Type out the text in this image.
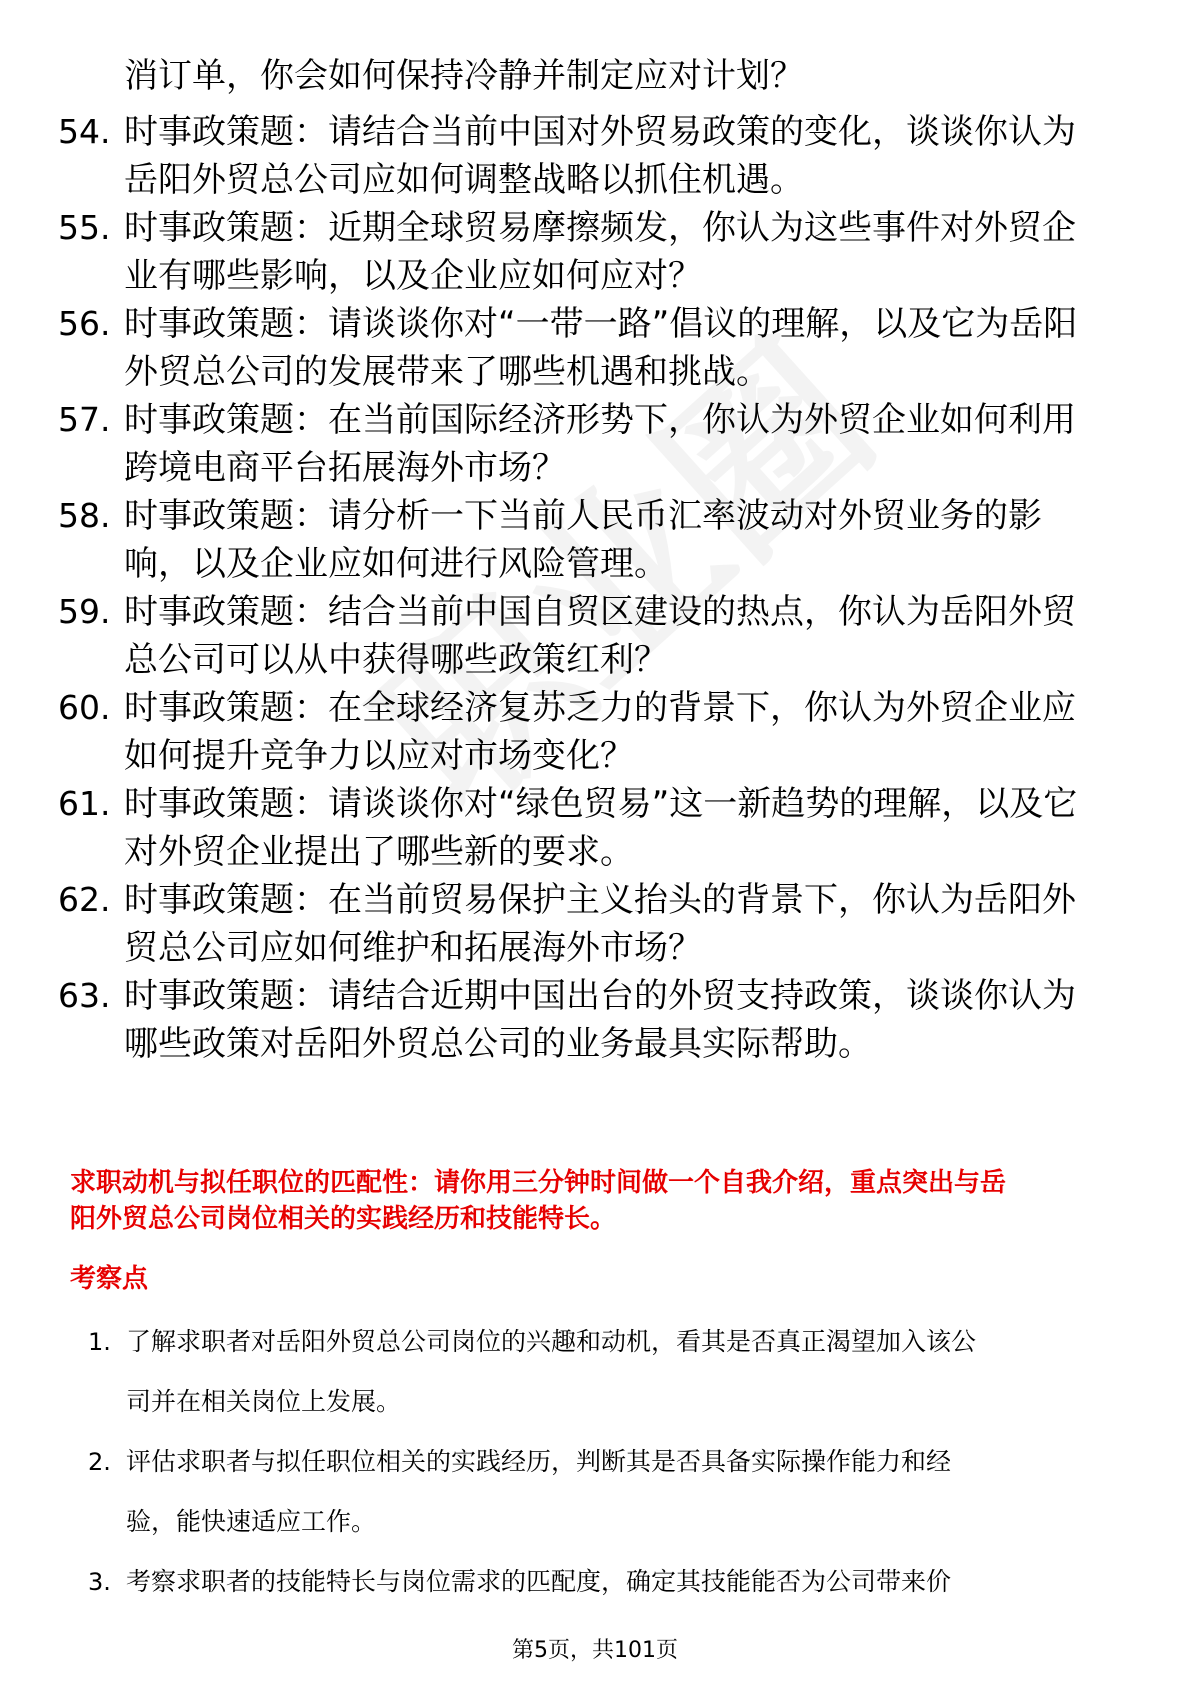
消订单，你会如何保持冷静并制定应对计划？
54. 时事政策题：请结合当前中国对外贸易政策的变化，谈谈你认为
岳阳外贸总公司应如何调整战略以抓住机遇。
55. 时事政策题：近期全球贸易摩擦频发，你认为这些事件对外贸企
业有哪些影响，以及企业应如何应对？
56. 时事政策题：请谈谈你对“一带一路”倡议的理解，以及它为岳阳
外贸总公司的发展带来了哪些机遇和挑战。
57. 时事政策题：在当前国际经济形势下，你认为外贸企业如何利用
跨境电商平台拓展海外市场？
58. 时事政策题：请分析一下当前人民币汇率波动对外贸业务的影
响，以及企业应如何进行风险管理。
59. 时事政策题：结合当前中国自贸区建设的热点，你认为岳阳外贸
总公司可以从中获得哪些政策红利？
60. 时事政策题：在全球经济复苏乏力的背景下，你认为外贸企业应
如何提升竞争力以应对市场变化？
61. 时事政策题：请谈谈你对“绿色贸易”这一新趋势的理解，以及它
对外贸企业提出了哪些新的要求。
62. 时事政策题：在当前贸易保护主义抬头的背景下，你认为岳阳外
贸总公司应如何维护和拓展海外市场？
63. 时事政策题：请结合近期中国出台的外贸支持政策，谈谈你认为
哪些政策对岳阳外贸总公司的业务最具实际帮助。
求职动机与拟任职位的匹配性：请你用三分钟时间做一个自我介绍，重点突出与岳
阳外贸总公司岗位相关的实践经历和技能特长。
考察点
1. 了解求职者对岳阳外贸总公司岗位的兴趣和动机，看其是否真正渴望加入该公
司并在相关岗位上发展。
2. 评估求职者与拟任职位相关的实践经历，判断其是否具备实际操作能力和经
验，能快速适应工作。
3. 考察求职者的技能特长与岗位需求的匹配度，确定其技能能否为公司带来价
第5页，共101页
